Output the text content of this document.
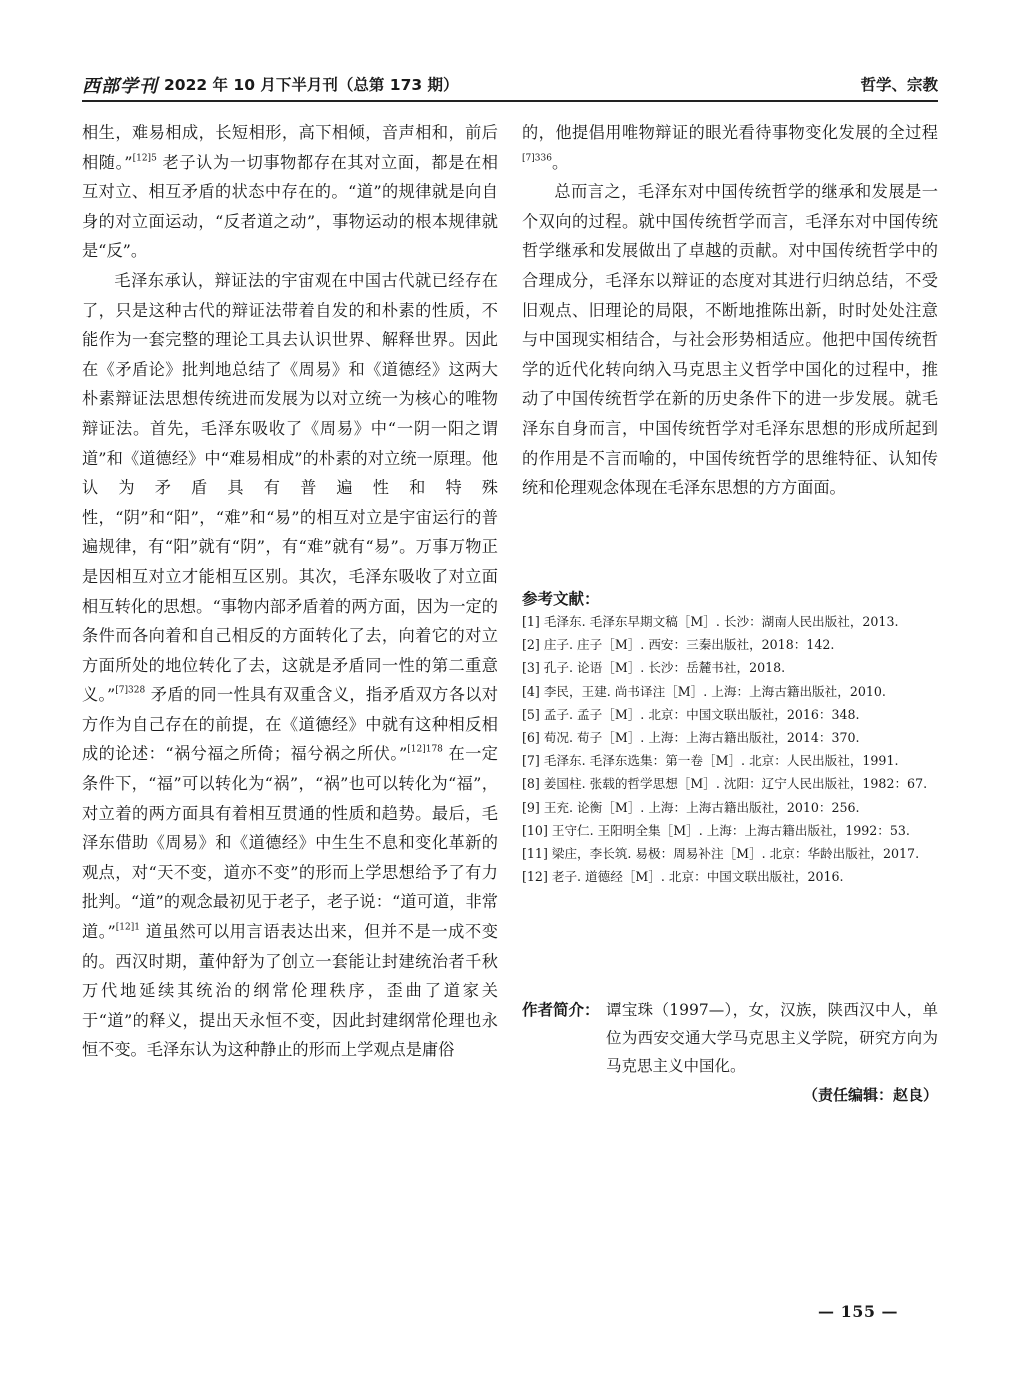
西部学刊 2022 年 10 月下半月刊（总第 173 期）	哲学、宗教

相生，难易相成，长短相形，高下相倾，音声相和，前后相随。”$^{[12]5}$ 老子认为一切事物都存在其对立面，都是在相互对立、相互矛盾的状态中存在的。“道”的规律就是向自身的对立面运动，“反者道之动”，事物运动的根本规律就是“反”。

毛泽东承认，辩证法的宇宙观在中国古代就已经存在了，只是这种古代的辩证法带着自发的和朴素的性质，不能作为一套完整的理论工具去认识世界、解释世界。因此在《矛盾论》批判地总结了《周易》和《道德经》这两大朴素辩证法思想传统进而发展为以对立统一为核心的唯物辩证法。首先，毛泽东吸收了《周易》中“一阴一阳之谓道”和《道德经》中“难易相成”的朴素的对立统一原理。他认为矛盾具有普遍性和特殊性，“阴”和“阳”，“难”和“易”的相互对立是宇宙运行的普遍规律，有“阳”就有“阴”，有“难”就有“易”。万事万物正是因相互对立才能相互区别。其次，毛泽东吸收了对立面相互转化的思想。“事物内部矛盾着的两方面，因为一定的条件而各向着和自己相反的方面转化了去，向着它的对立方面所处的地位转化了去，这就是矛盾同一性的第二重意义。”$^{[7]328}$ 矛盾的同一性具有双重含义，指矛盾双方各以对方作为自己存在的前提，在《道德经》中就有这种相反相成的论述：“祸兮福之所倚；福兮祸之所伏。”$^{[12]178}$ 在一定条件下，“福”可以转化为“祸”，“祸”也可以转化为“福”，对立着的两方面具有着相互贯通的性质和趋势。最后，毛泽东借助《周易》和《道德经》中生生不息和变化革新的观点，对“天不变，道亦不变”的形而上学思想给予了有力批判。“道”的观念最初见于老子，老子说：“道可道，非常道。”$^{[12]1}$ 道虽然可以用言语表达出来，但并不是一成不变的。西汉时期，董仲舒为了创立一套能让封建统治者千秋万代地延续其统治的纲常伦理秩序，歪曲了道家关于“道”的释义，提出天永恒不变，因此封建纲常伦理也永恒不变。毛泽东认为这种静止的形而上学观点是庸俗

的，他提倡用唯物辩证的眼光看待事物变化发展的全过程$^{[7]336}$。

总而言之，毛泽东对中国传统哲学的继承和发展是一个双向的过程。就中国传统哲学而言，毛泽东对中国传统哲学继承和发展做出了卓越的贡献。对中国传统哲学中的合理成分，毛泽东以辩证的态度对其进行归纳总结，不受旧观点、旧理论的局限，不断地推陈出新，时时处处注意与中国现实相结合，与社会形势相适应。他把中国传统哲学的近代化转向纳入马克思主义哲学中国化的过程中，推动了中国传统哲学在新的历史条件下的进一步发展。就毛泽东自身而言，中国传统哲学对毛泽东思想的形成所起到的作用是不言而喻的，中国传统哲学的思维特征、认知传统和伦理观念体现在毛泽东思想的方方面面。

参考文献：
[1] 毛泽东. 毛泽东早期文稿［M］. 长沙：湖南人民出版社，2013.
[2] 庄子. 庄子［M］. 西安：三秦出版社，2018：142.
[3] 孔子. 论语［M］. 长沙：岳麓书社，2018.
[4] 李民，王建. 尚书译注［M］. 上海：上海古籍出版社，2010.
[5] 孟子. 孟子［M］. 北京：中国文联出版社，2016：348.
[6] 荀况. 荀子［M］. 上海：上海古籍出版社，2014：370.
[7] 毛泽东. 毛泽东选集：第一卷［M］. 北京：人民出版社，1991.
[8] 姜国柱. 张载的哲学思想［M］. 沈阳：辽宁人民出版社，1982：67.
[9] 王充. 论衡［M］. 上海：上海古籍出版社，2010：256.
[10] 王守仁. 王阳明全集［M］. 上海：上海古籍出版社，1992：53.
[11] 梁庄，李长筑. 易极：周易补注［M］. 北京：华龄出版社，2017.
[12] 老子. 道德经［M］. 北京：中国文联出版社，2016.
作者简介： 谭宝珠（1997—），女，汉族，陕西汉中人，单位为西安交通大学马克思主义学院，研究方向为马克思主义中国化。
（责任编辑：赵良）
— 155 —
